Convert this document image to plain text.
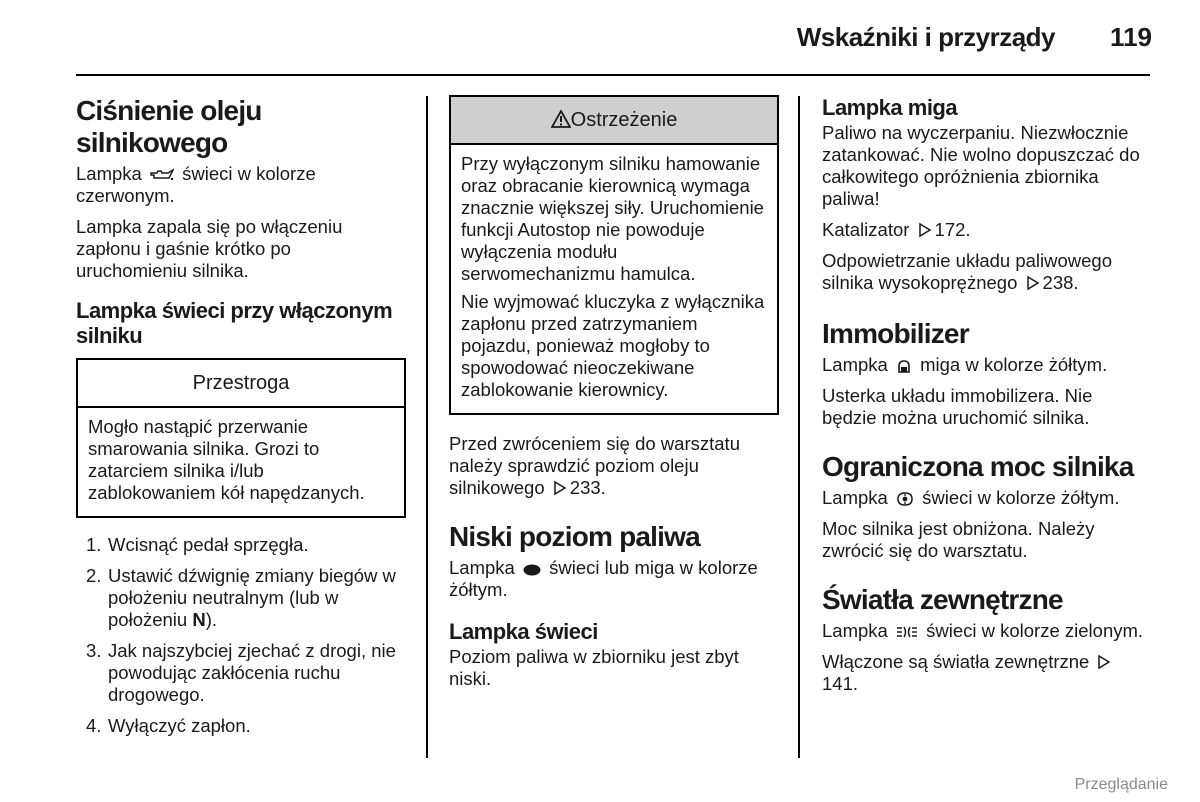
Wskaźniki i przyrządy 119
Ciśnienie oleju silnikowego

Lampka  świeci w kolorze czerwonym.

Lampka zapala się po włączeniu zapłonu i gaśnie krótko po uruchomieniu silnika.

Lampka świeci przy włączonym silniku
Przestroga

Mogło nastąpić przerwanie smarowania silnika. Grozi to zatarciem silnika i/lub zablokowaniem kół napędzanych.

1. Wcisnąć pedał sprzęgła.
2. Ustawić dźwignię zmiany biegów w położeniu neutralnym (lub w położeniu N).
3. Jak najszybciej zjechać z drogi, nie powodując zakłócenia ruchu drogowego.
4. Wyłączyć zapłon.
Ostrzeżenie

Przy wyłączonym silniku hamowanie oraz obracanie kierownicą wymaga znacznie większej siły. Uruchomienie funkcji Autostop nie powoduje wyłączenia modułu serwomechanizmu hamulca.

Nie wyjmować kluczyka z wyłącznika zapłonu przed zatrzymaniem pojazdu, ponieważ mogłoby to spowodować nieoczekiwane zablokowanie kierownicy.

Przed zwróceniem się do warsztatu należy sprawdzić poziom oleju silnikowego 233.

Niski poziom paliwa

Lampka  świeci lub miga w kolorze żółtym.

Lampka świeci

Poziom paliwa w zbiorniku jest zbyt niski.

Lampka miga

Paliwo na wyczerpaniu. Niezwłocznie zatankować. Nie wolno dopuszczać do całkowitego opróżnienia zbiornika paliwa!

Katalizator 172.

Odpowietrzanie układu paliwowego silnika wysokoprężnego 238.

Immobilizer

Lampka  miga w kolorze żółtym.

Usterka układu immobilizera. Nie będzie można uruchomić silnika.

Ograniczona moc silnika

Lampka  świeci w kolorze żółtym.

Moc silnika jest obniżona. Należy zwrócić się do warsztatu.

Światła zewnętrzne

Lampka  świeci w kolorze zielonym.

Włączone są światła zewnętrzne 141.

Przeglądanie
